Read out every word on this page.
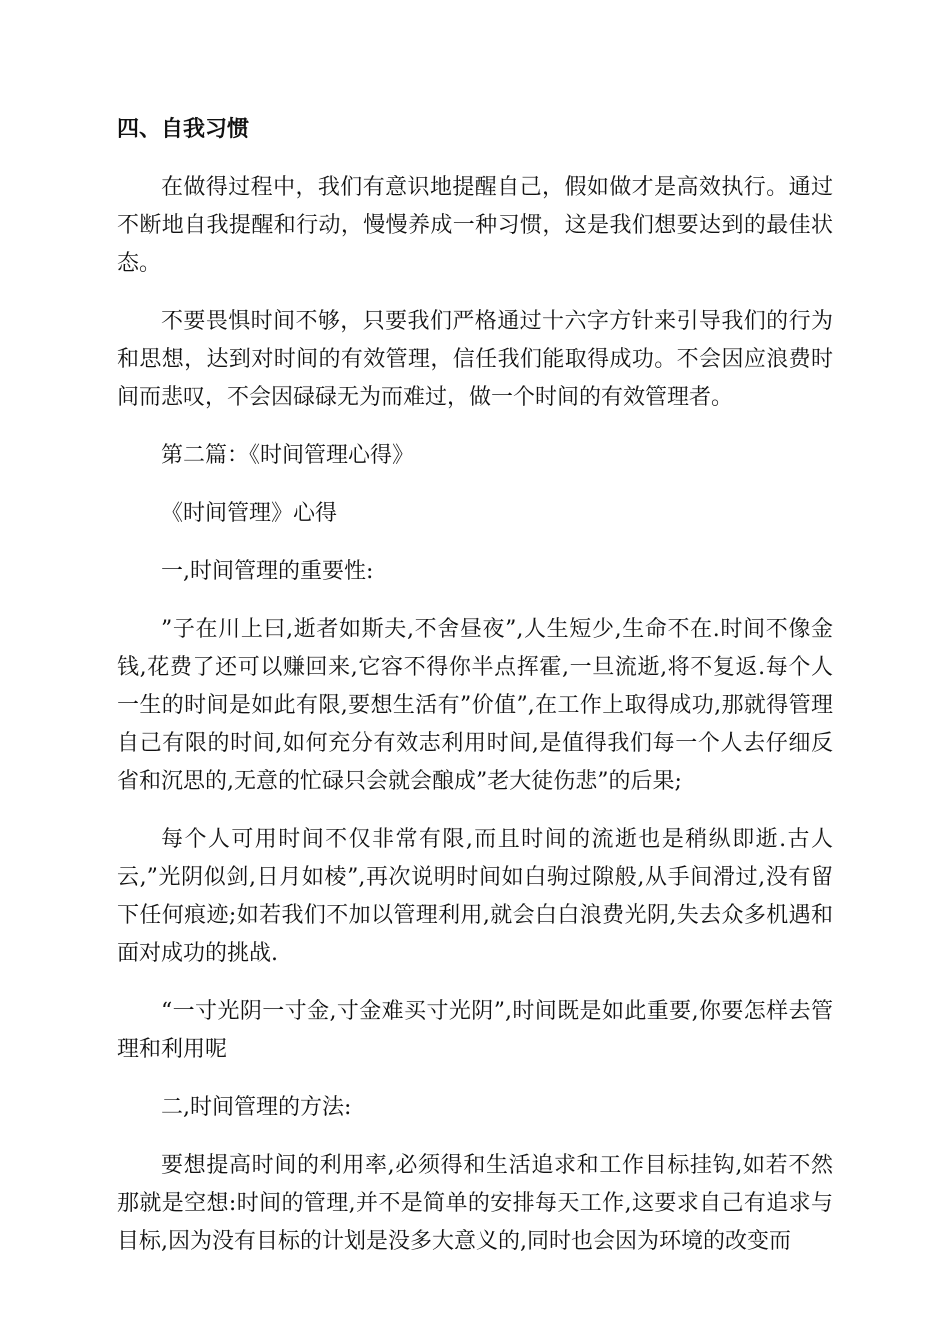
四、自我习惯

在做得过程中，我们有意识地提醒自己，假如做才是高效执行。通过不断地自我提醒和行动，慢慢养成一种习惯，这是我们想要达到的最佳状态。

不要畏惧时间不够，只要我们严格通过十六字方针来引导我们的行为和思想，达到对时间的有效管理，信任我们能取得成功。不会因应浪费时间而悲叹，不会因碌碌无为而难过，做一个时间的有效管理者。

第二篇：《时间管理心得》

《时间管理》心得

一,时间管理的重要性:

”子在川上曰,逝者如斯夫,不舍昼夜”,人生短少,生命不在.时间不像金钱,花费了还可以赚回来,它容不得你半点挥霍,一旦流逝,将不复返.每个人一生的时间是如此有限,要想生活有”价值”,在工作上取得成功,那就得管理自己有限的时间,如何充分有效志利用时间,是值得我们每一个人去仔细反省和沉思的,无意的忙碌只会就会酿成”老大徒伤悲”的后果;

每个人可用时间不仅非常有限,而且时间的流逝也是稍纵即逝.古人云,”光阴似剑,日月如棱”,再次说明时间如白驹过隙般,从手间滑过,没有留下任何痕迹;如若我们不加以管理利用,就会白白浪费光阴,失去众多机遇和面对成功的挑战.

“一寸光阴一寸金,寸金难买寸光阴”,时间既是如此重要,你要怎样去管理和利用呢

二,时间管理的方法:

要想提高时间的利用率,必须得和生活追求和工作目标挂钩,如若不然那就是空想:时间的管理,并不是简单的安排每天工作,这要求自己有追求与目标,因为没有目标的计划是没多大意义的,同时也会因为环境的改变而
